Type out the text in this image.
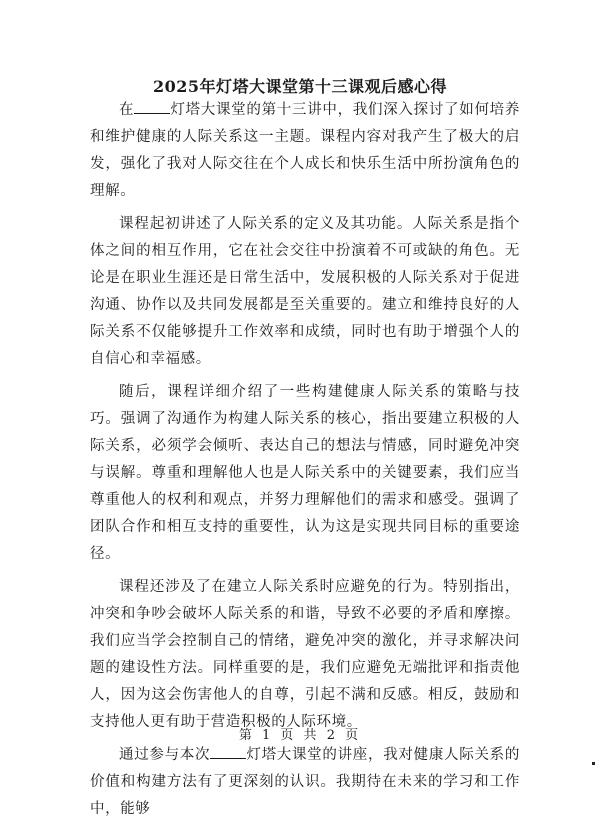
2025年灯塔大课堂第十三课观后感心得

在 灯塔大课堂的第十三讲中，我们深入探讨了如何培养和维护健康的人际关系这一主题。课程内容对我产生了极大的启发，强化了我对人际交往在个人成长和快乐生活中所扮演角色的理解。

课程起初讲述了人际关系的定义及其功能。人际关系是指个体之间的相互作用，它在社会交往中扮演着不可或缺的角色。无论是在职业生涯还是日常生活中，发展积极的人际关系对于促进沟通、协作以及共同发展都是至关重要的。建立和维持良好的人际关系不仅能够提升工作效率和成绩，同时也有助于增强个人的自信心和幸福感。

随后，课程详细介绍了一些构建健康人际关系的策略与技巧。强调了沟通作为构建人际关系的核心，指出要建立积极的人际关系，必须学会倾听、表达自己的想法与情感，同时避免冲突与误解。尊重和理解他人也是人际关系中的关键要素，我们应当尊重他人的权利和观点，并努力理解他们的需求和感受。强调了团队合作和相互支持的重要性，认为这是实现共同目标的重要途径。

课程还涉及了在建立人际关系时应避免的行为。特别指出，冲突和争吵会破坏人际关系的和谐，导致不必要的矛盾和摩擦。我们应当学会控制自己的情绪，避免冲突的激化，并寻求解决问题的建设性方法。同样重要的是，我们应避免无端批评和指责他人，因为这会伤害他人的自尊，引起不满和反感。相反，鼓励和支持他人更有助于营造积极的人际环境。

通过参与本次 灯塔大课堂的讲座，我对健康人际关系的价值和构建方法有了更深刻的认识。我期待在未来的学习和工作中，能够

第 1 页 共 2 页
